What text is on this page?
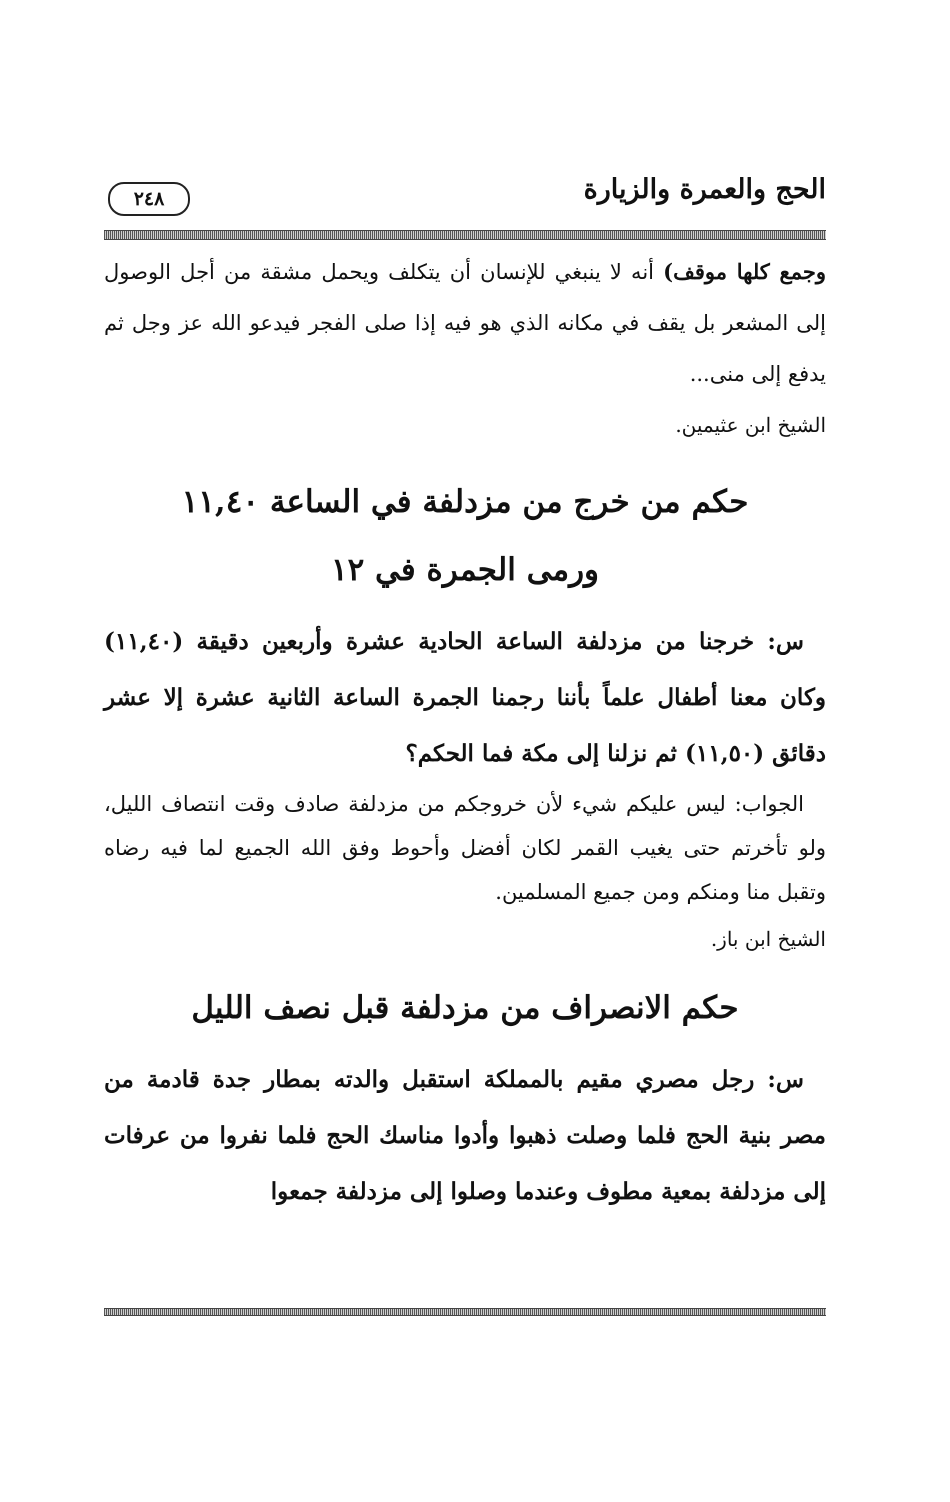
الحج والعمرة والزيارة
٢٤٨

وجمع كلها موقف) أنه لا ينبغي للإنسان أن يتكلف ويحمل مشقة من أجل الوصول إلى المشعر بل يقف في مكانه الذي هو فيه إذا صلى الفجر فيدعو الله عز وجل ثم يدفع إلى منى...

الشيخ ابن عثيمين.

حكم من خرج من مزدلفة في الساعة ١١,٤٠

ورمى الجمرة في ١٢

س: خرجنا من مزدلفة الساعة الحادية عشرة وأربعين دقيقة (١١,٤٠) وكان معنا أطفال علماً بأننا رجمنا الجمرة الساعة الثانية عشرة إلا عشر دقائق (١١,٥٠) ثم نزلنا إلى مكة فما الحكم؟

الجواب: ليس عليكم شيء لأن خروجكم من مزدلفة صادف وقت انتصاف الليل، ولو تأخرتم حتى يغيب القمر لكان أفضل وأحوط وفق الله الجميع لما فيه رضاه وتقبل منا ومنكم ومن جميع المسلمين.

الشيخ ابن باز.

حكم الانصراف من مزدلفة قبل نصف الليل

س: رجل مصري مقيم بالمملكة استقبل والدته بمطار جدة قادمة من مصر بنية الحج فلما وصلت ذهبوا وأدوا مناسك الحج فلما نفروا من عرفات إلى مزدلفة بمعية مطوف وعندما وصلوا إلى مزدلفة جمعوا
